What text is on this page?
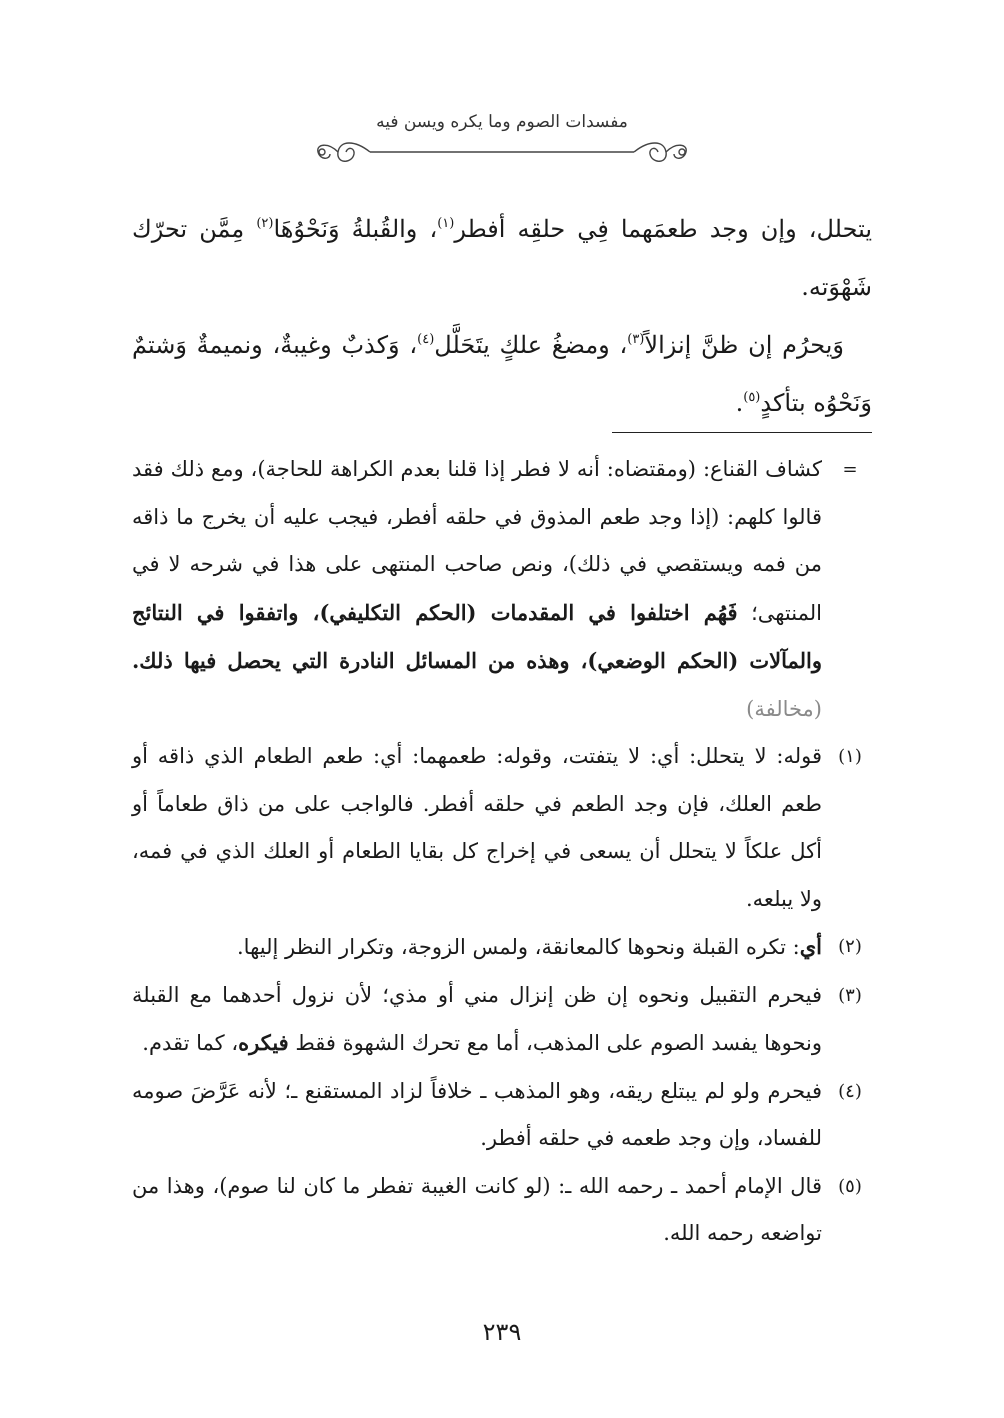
مفسدات الصوم وما يكره ويسن فيه

يتحلل، وإن وجد طعمَهما فِي حلقِه أفطر$^{(١)}$، والقُبلةُ وَنَحْوُهَا$^{(٢)}$ مِمَّن تحرّك شَهْوَته.

وَيحرُم إن ظنَّ إنزالاً$^{(٣)}$، ومضغُ علكٍ يتَحَلَّل$^{(٤)}$، وَكذبٌ وغيبةٌ، ونميمةٌ وَشتمٌ وَنَحْوُه بتأكدٍ$^{(٥)}$.

=
كشاف القناع: (ومقتضاه: أنه لا فطر إذا قلنا بعدم الكراهة للحاجة)، ومع ذلك فقد قالوا كلهم: (إذا وجد طعم المذوق في حلقه أفطر، فيجب عليه أن يخرج ما ذاقه من فمه ويستقصي في ذلك)، ونص صاحب المنتهى على هذا في شرحه لا في المنتهى؛ فَهُم اختلفوا في المقدمات (الحكم التكليفي)، واتفقوا في النتائج والمآلات (الحكم الوضعي)، وهذه من المسائل النادرة التي يحصل فيها ذلك. (مخالفة)
(١)
قوله: لا يتحلل: أي: لا يتفتت، وقوله: طعمهما: أي: طعم الطعام الذي ذاقه أو طعم العلك، فإن وجد الطعم في حلقه أفطر. فالواجب على من ذاق طعاماً أو أكل علكاً لا يتحلل أن يسعى في إخراج كل بقايا الطعام أو العلك الذي في فمه، ولا يبلعه.
(٢)
أي: تكره القبلة ونحوها كالمعانقة، ولمس الزوجة، وتكرار النظر إليها.
(٣)
فيحرم التقبيل ونحوه إن ظن إنزال مني أو مذي؛ لأن نزول أحدهما مع القبلة ونحوها يفسد الصوم على المذهب، أما مع تحرك الشهوة فقط فيكره، كما تقدم.
(٤)
فيحرم ولو لم يبتلع ريقه، وهو المذهب ـ خلافاً لزاد المستقنع ـ؛ لأنه عَرَّضَ صومه للفساد، وإن وجد طعمه في حلقه أفطر.
(٥)
قال الإمام أحمد ـ رحمه الله ـ: (لو كانت الغيبة تفطر ما كان لنا صوم)، وهذا من تواضعه رحمه الله.
٢٣٩
